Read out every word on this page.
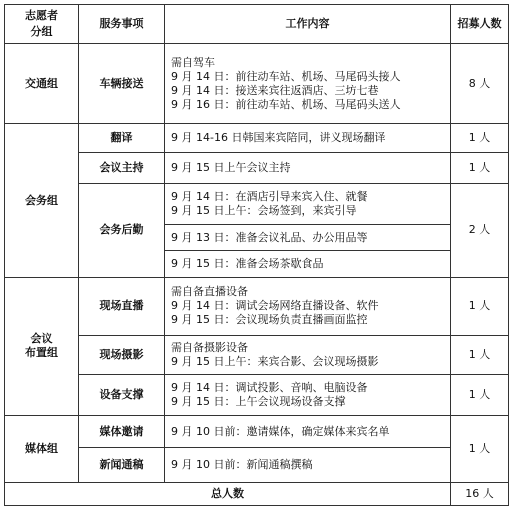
志愿者分组	服务事项	工作内容	招募人数
交通组	车辆接送	需自驾车
9 月 14 日：前往动车站、机场、马尾码头接人
9 月 14 日：接送来宾往返酒店、三坊七巷
9 月 16 日：前往动车站、机场、马尾码头送人	8 人
会务组	翻译	9 月 14-16 日韩国来宾陪同，讲义现场翻译	1 人
	会议主持	9 月 15 日上午会议主持	1 人
	会务后勤	9 月 14 日：在酒店引导来宾入住、就餐
9 月 15 日上午：会场签到，来宾引导	2 人
		9 月 13 日：准备会议礼品、办公用品等	
		9 月 15 日：准备会场茶歇食品	

会议
布置组	现场直播	需自备直播设备
9 月 14 日：调试会场网络直播设备、软件
9 月 15 日：会议现场负责直播画面监控	1 人
	现场摄影	需自备摄影设备
9 月 15 日上午：来宾合影、会议现场摄影	1 人
	设备支撑	9 月 14 日：调试投影、音响、电脑设备
9 月 15 日：上午会议现场设备支撑	1 人
媒体组	媒体邀请	9 月 10 日前：邀请媒体，确定媒体来宾名单	1 人
	新闻通稿	9 月 10 日前：新闻通稿撰稿	
总人数			16 人
